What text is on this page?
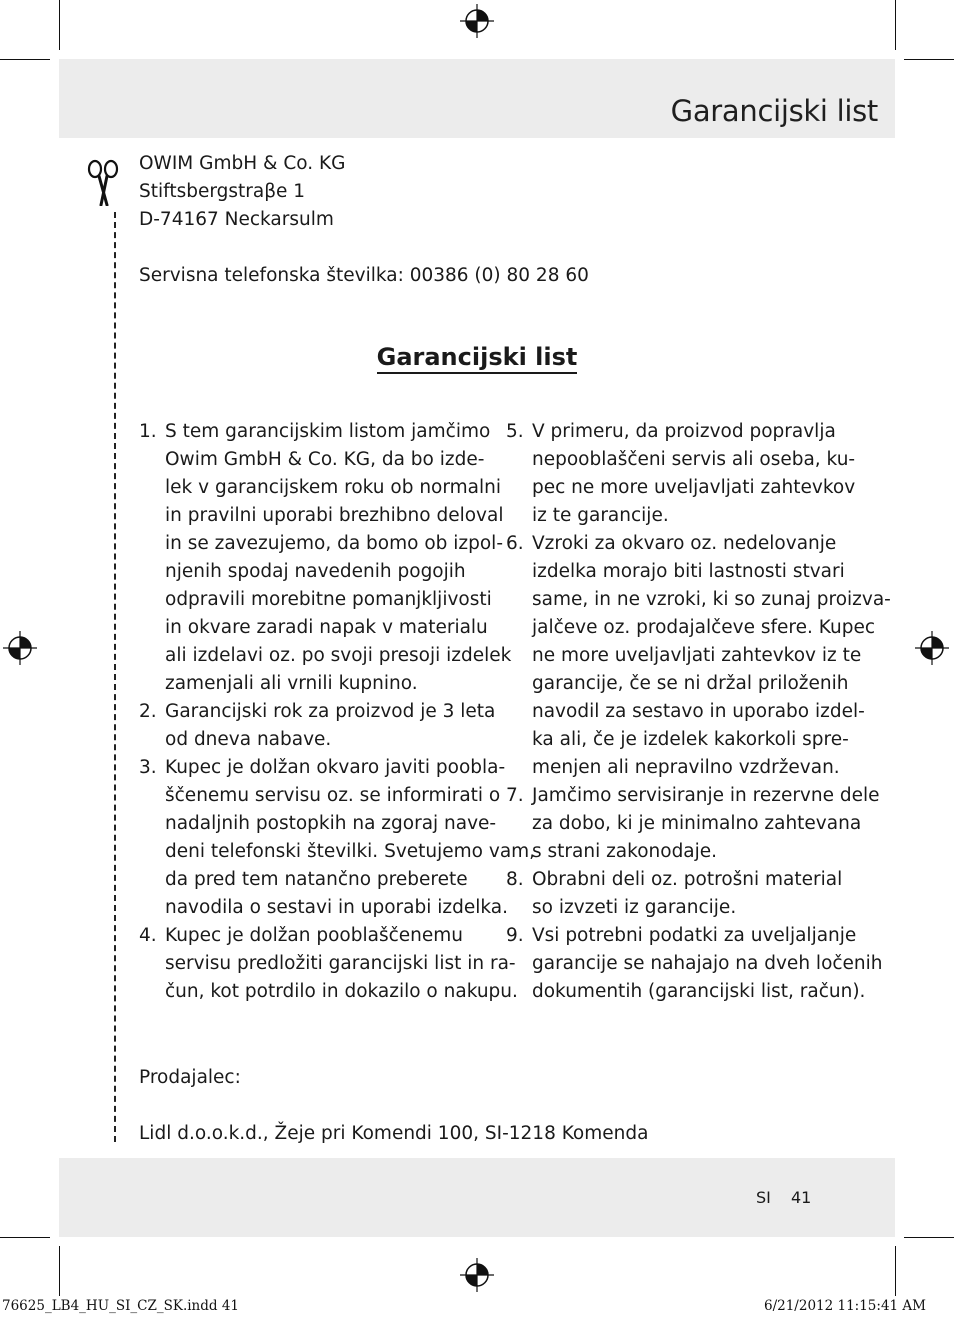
Garancijski list
OWIM GmbH & Co. KG
Stiftsbergstraβe 1
D-74167 Neckarsulm
Servisna telefonska številka: 00386 (0) 80 28 60
Garancijski list
1. S tem garancijskim listom jamčimo
Owim GmbH & Co. KG, da bo izde-
lek v garancijskem roku ob normalni
in pravilni uporabi brezhibno deloval
in se zavezujemo, da bomo ob izpol-
njenih spodaj navedenih pogojih
odpravili morebitne pomanjkljivosti
in okvare zaradi napak v materialu
ali izdelavi oz. po svoji presoji izdelek
zamenjali ali vrnili kupnino.
2. Garancijski rok za proizvod je 3 leta
od dneva nabave.
3. Kupec je dolžan okvaro javiti poobla-
ščenemu servisu oz. se informirati o
nadaljnih postopkih na zgoraj nave-
deni telefonski številki. Svetujemo vam,
da pred tem natančno preberete
navodila o sestavi in uporabi izdelka.
4. Kupec je dolžan pooblaščenemu
servisu predložiti garancijski list in ra-
čun, kot potrdilo in dokazilo o nakupu.
5. V primeru, da proizvod popravlja
nepooblaščeni servis ali oseba, ku-
pec ne more uveljavljati zahtevkov
iz te garancije.
6. Vzroki za okvaro oz. nedelovanje
izdelka morajo biti lastnosti stvari
same, in ne vzroki, ki so zunaj proizva-
jalčeve oz. prodajalčeve sfere. Kupec
ne more uveljavljati zahtevkov iz te
garancije, če se ni držal priloženih
navodil za sestavo in uporabo izdel-
ka ali, če je izdelek kakorkoli spre-
menjen ali nepravilno vzdrževan.
7. Jamčimo servisiranje in rezervne dele
za dobo, ki je minimalno zahtevana
s strani zakonodaje.
8. Obrabni deli oz. potrošni material
so izvzeti iz garancije.
9. Vsi potrebni podatki za uveljaljanje
garancije se nahajajo na dveh ločenih
dokumentih (garancijski list, račun).
Prodajalec:
Lidl d.o.o.k.d., Žeje pri Komendi 100, SI-1218 Komenda
SI 41
76625_LB4_HU_SI_CZ_SK.indd 41	6/21/2012 11:15:41 AM
